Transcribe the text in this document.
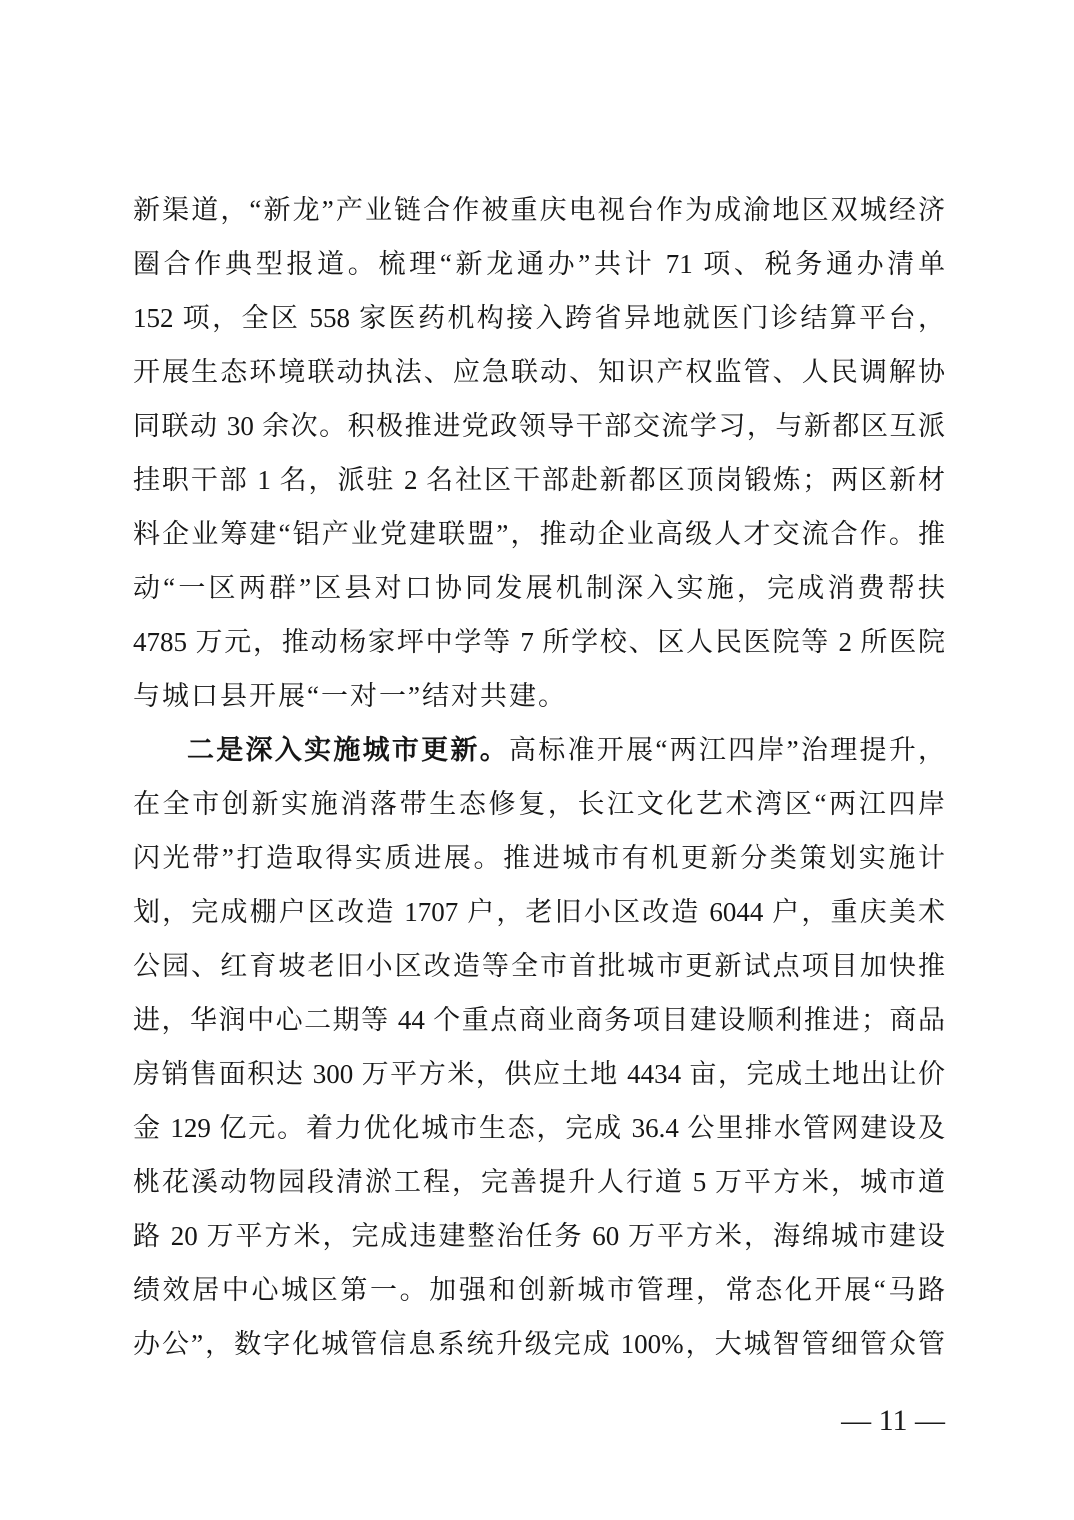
新渠道，“新龙”产业链合作被重庆电视台作为成渝地区双城经济
圈合作典型报道。梳理“新龙通办”共计 71 项、税务通办清单
152 项，全区 558 家医药机构接入跨省异地就医门诊结算平台，
开展生态环境联动执法、应急联动、知识产权监管、人民调解协
同联动 30 余次。积极推进党政领导干部交流学习，与新都区互派
挂职干部 1 名，派驻 2 名社区干部赴新都区顶岗锻炼；两区新材
料企业筹建“铝产业党建联盟”，推动企业高级人才交流合作。推
动“一区两群”区县对口协同发展机制深入实施，完成消费帮扶
4785 万元，推动杨家坪中学等 7 所学校、区人民医院等 2 所医院
与城口县开展“一对一”结对共建。
二是深入实施城市更新。高标准开展“两江四岸”治理提升，
在全市创新实施消落带生态修复，长江文化艺术湾区“两江四岸
闪光带”打造取得实质进展。推进城市有机更新分类策划实施计
划，完成棚户区改造 1707 户，老旧小区改造 6044 户，重庆美术
公园、红育坡老旧小区改造等全市首批城市更新试点项目加快推
进，华润中心二期等 44 个重点商业商务项目建设顺利推进；商品
房销售面积达 300 万平方米，供应土地 4434 亩，完成土地出让价
金 129 亿元。着力优化城市生态，完成 36.4 公里排水管网建设及
桃花溪动物园段清淤工程，完善提升人行道 5 万平方米，城市道
路 20 万平方米，完成违建整治任务 60 万平方米，海绵城市建设
绩效居中心城区第一。加强和创新城市管理，常态化开展“马路
办公”，数字化城管信息系统升级完成 100%，大城智管细管众管
— 11 —
